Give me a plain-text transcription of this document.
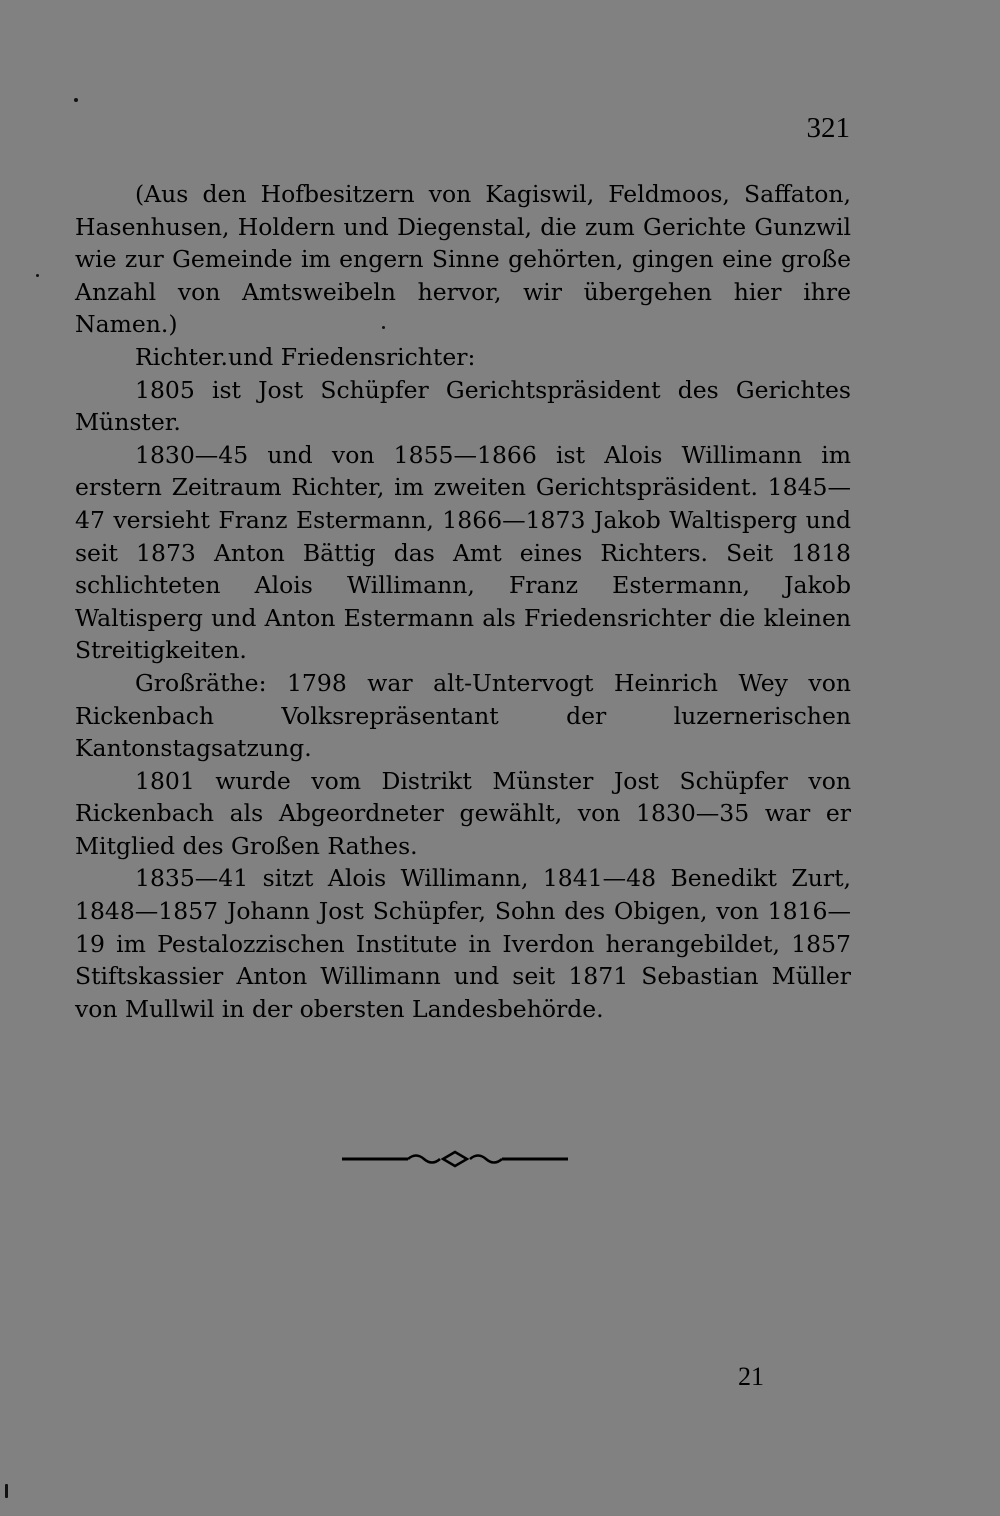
321

(Aus den Hofbesitzern von Kagiswil, Feldmoos, Saffaton, Hasenhusen, Holdern und Diegenstal, die zum Gerichte Gunzwil wie zur Gemeinde im engern Sinne gehörten, gingen eine große Anzahl von Amtsweibeln hervor, wir übergehen hier ihre Namen.)

Richter.und Friedensrichter:

1805 ist Jost Schüpfer Gerichtspräsident des Gerichtes Münster.

1830—45 und von 1855—1866 ist Alois Willimann im erstern Zeitraum Richter, im zweiten Gerichtspräsident. 1845—47 versieht Franz Estermann, 1866—1873 Jakob Waltisperg und seit 1873 Anton Bättig das Amt eines Richters. Seit 1818 schlichteten Alois Willimann, Franz Estermann, Jakob Waltisperg und Anton Estermann als Friedensrichter die kleinen Streitigkeiten.

Großräthe: 1798 war alt-Untervogt Heinrich Wey von Rickenbach Volksrepräsentant der luzernerischen Kantonstagsatzung.

1801 wurde vom Distrikt Münster Jost Schüpfer von Rickenbach als Abgeordneter gewählt, von 1830—35 war er Mitglied des Großen Rathes.

1835—41 sitzt Alois Willimann, 1841—48 Benedikt Zurt, 1848—1857 Johann Jost Schüpfer, Sohn des Obigen, von 1816—19 im Pestalozzischen Institute in Iverdon herangebildet, 1857 Stiftskassier Anton Willimann und seit 1871 Sebastian Müller von Mullwil in der obersten Landesbehörde.

21
